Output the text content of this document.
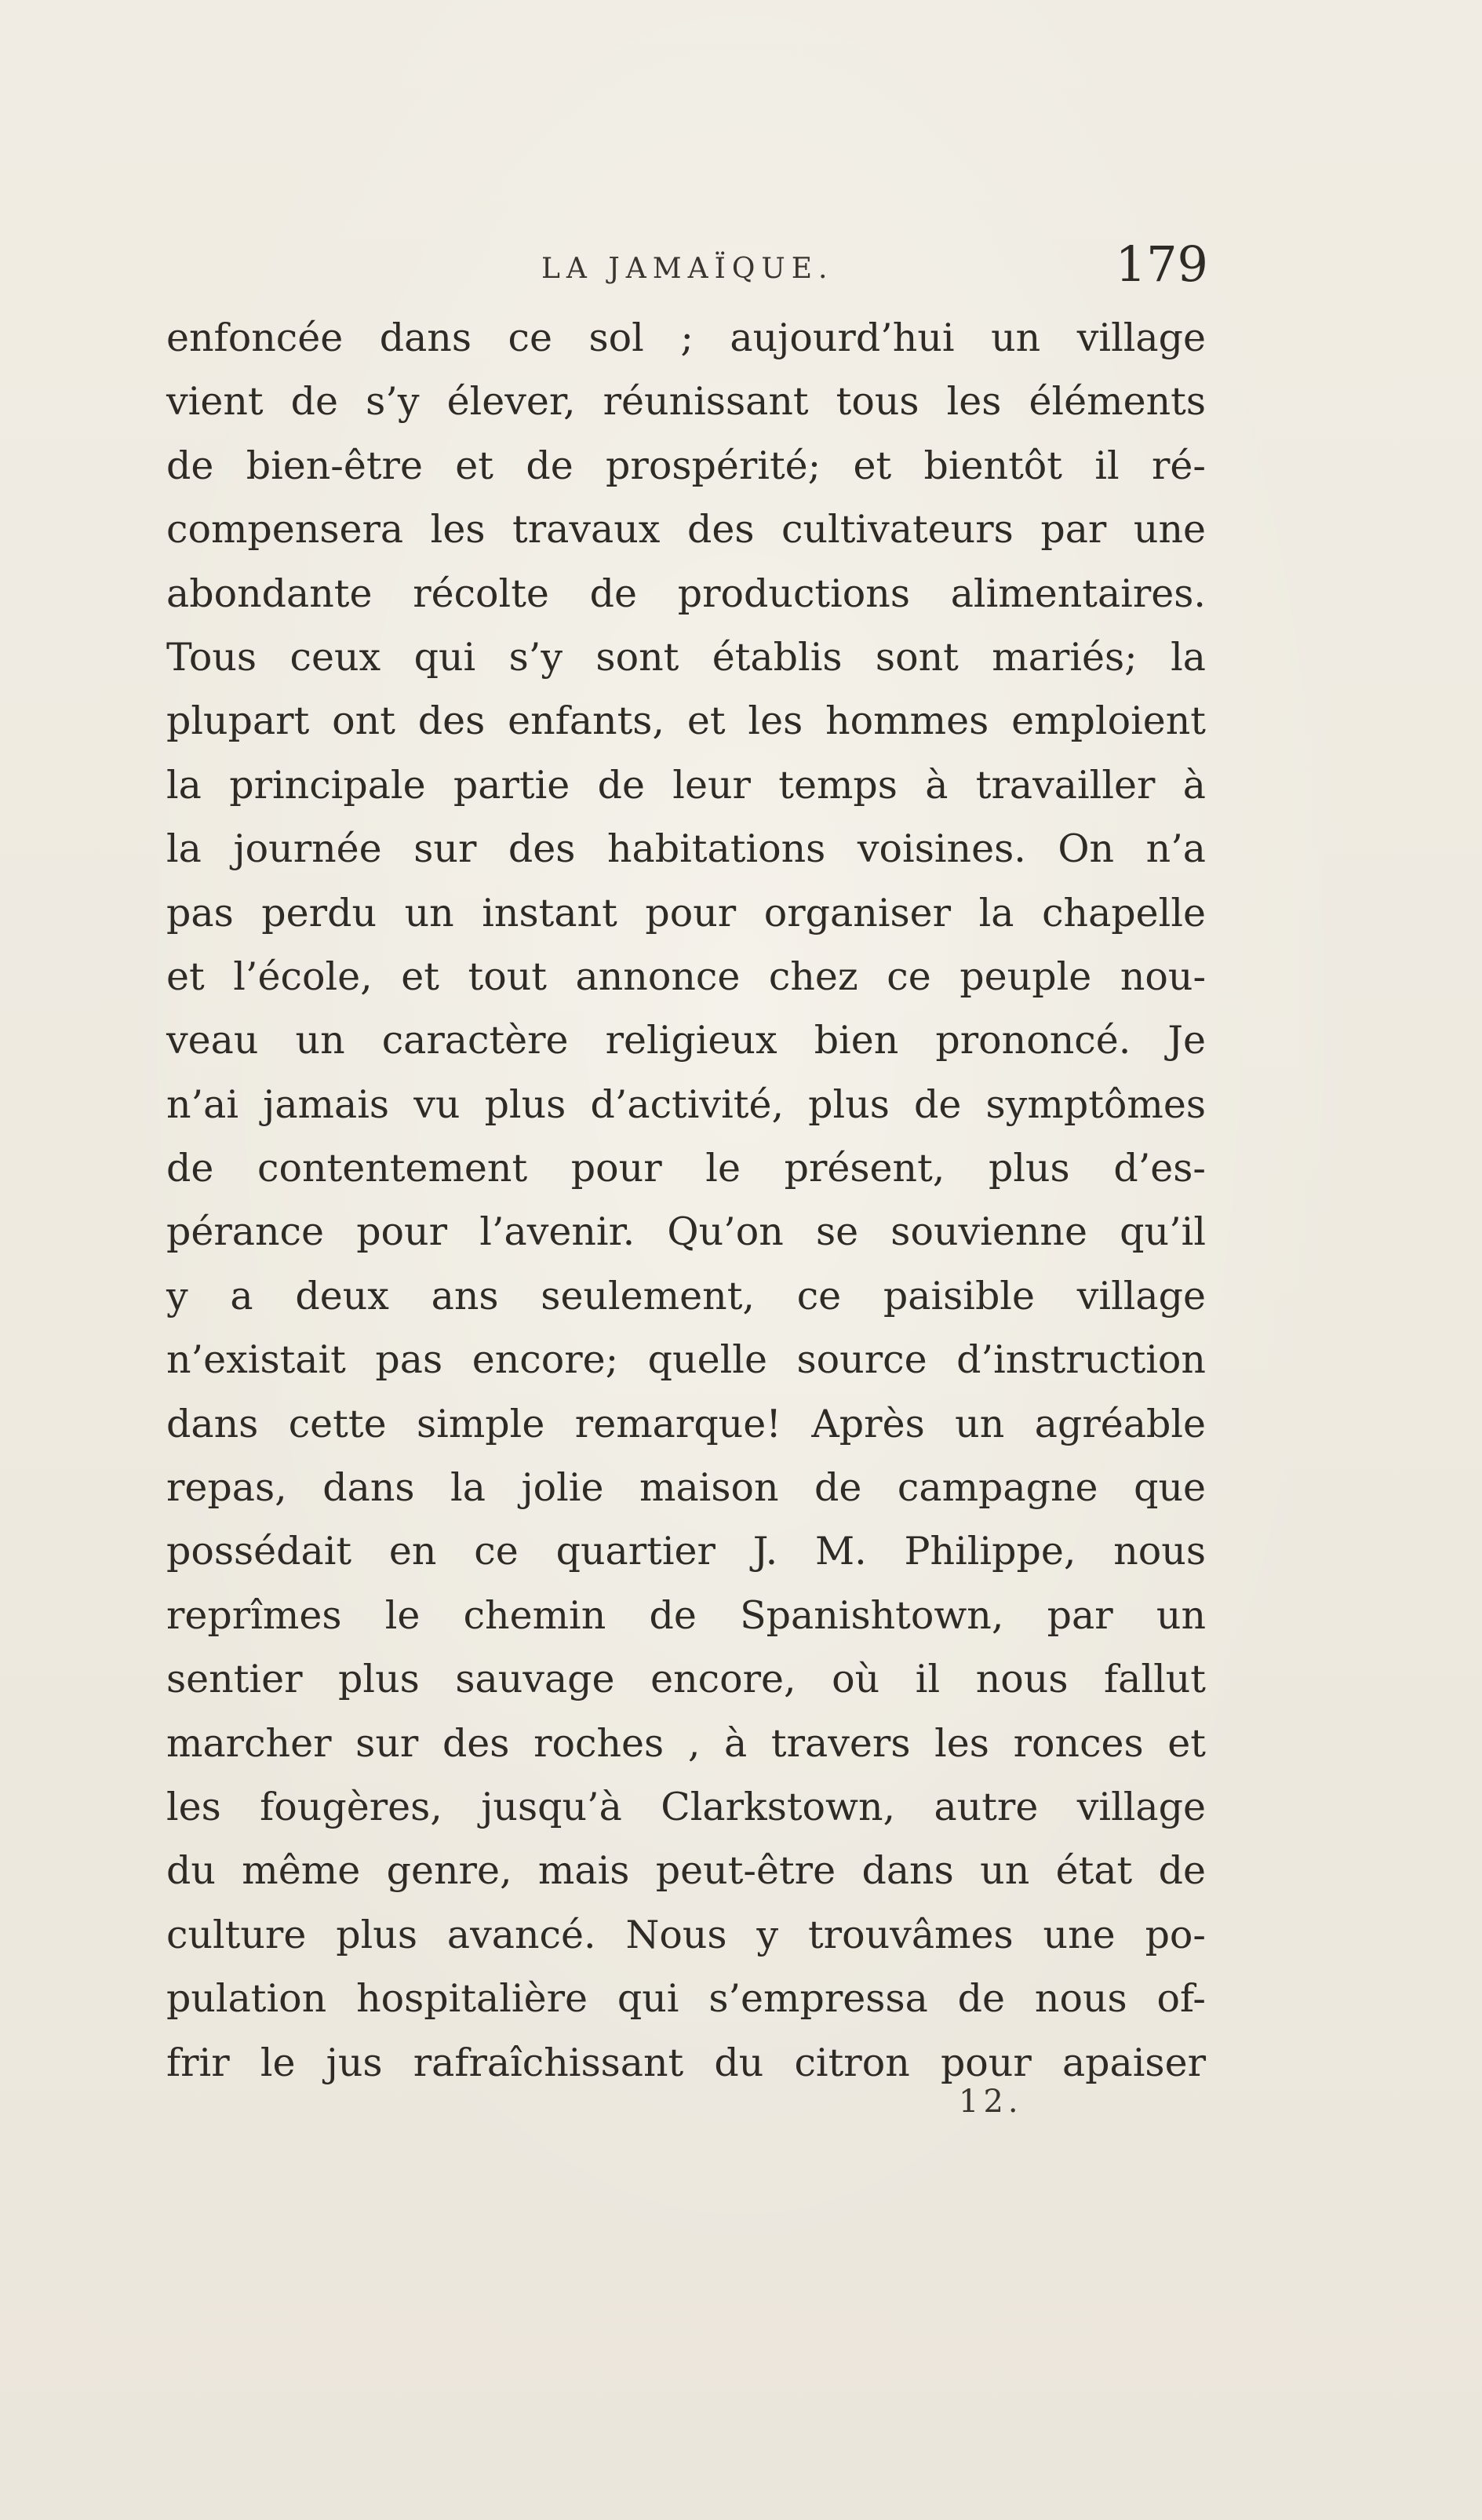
LA JAMAÏQUE.	179
enfoncée dans ce sol ; aujourd’hui un village
vient de s’y élever, réunissant tous les éléments
de bien-être et de prospérité; et bientôt il ré-
compensera les travaux des cultivateurs par une
abondante récolte de productions alimentaires.
Tous ceux qui s’y sont établis sont mariés; la
plupart ont des enfants, et les hommes emploient
la principale partie de leur temps à travailler à
la journée sur des habitations voisines. On n’a
pas perdu un instant pour organiser la chapelle
et l’école, et tout annonce chez ce peuple nou-
veau un caractère religieux bien prononcé. Je
n’ai jamais vu plus d’activité, plus de symptômes
de contentement pour le présent, plus d’es-
pérance pour l’avenir. Qu’on se souvienne qu’il
y a deux ans seulement, ce paisible village
n’existait pas encore; quelle source d’instruction
dans cette simple remarque! Après un agréable
repas, dans la jolie maison de campagne que
possédait en ce quartier J. M. Philippe, nous
reprîmes le chemin de Spanishtown, par un
sentier plus sauvage encore, où il nous fallut
marcher sur des roches , à travers les ronces et
les fougères, jusqu’à Clarkstown, autre village
du même genre, mais peut-être dans un état de
culture plus avancé. Nous y trouvâmes une po-
pulation hospitalière qui s’empressa de nous of-
frir le jus rafraîchissant du citron pour apaiser
12.
